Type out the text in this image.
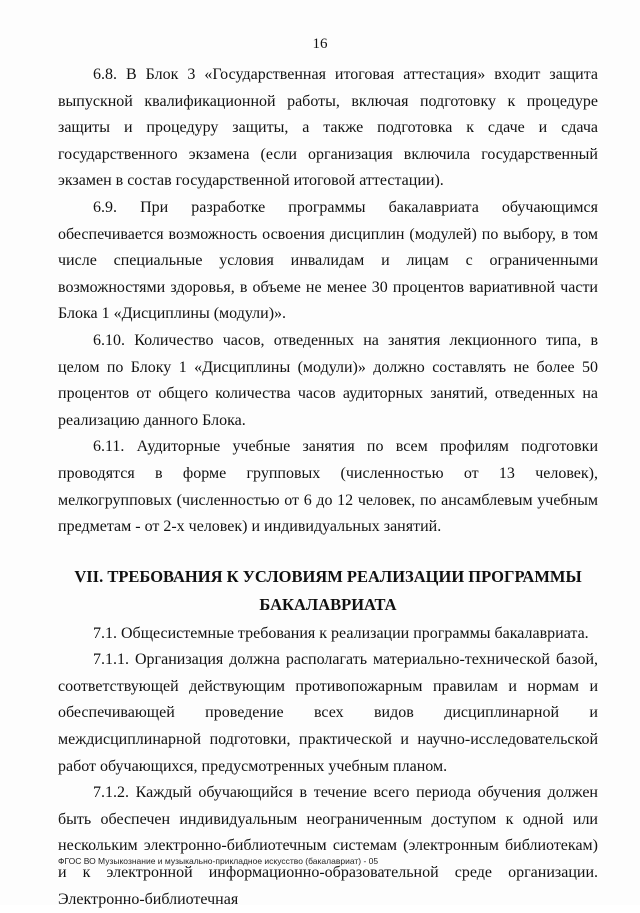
16

6.8. В Блок 3 «Государственная итоговая аттестация» входит защита выпускной квалификационной работы, включая подготовку к процедуре защиты и процедуру защиты, а также подготовка к сдаче и сдача государственного экзамена (если организация включила государственный экзамен в состав государственной итоговой аттестации).

6.9. При разработке программы бакалавриата обучающимся обеспечивается возможность освоения дисциплин (модулей) по выбору, в том числе специальные условия инвалидам и лицам с ограниченными возможностями здоровья, в объеме не менее 30 процентов вариативной части Блока 1 «Дисциплины (модули)».

6.10. Количество часов, отведенных на занятия лекционного типа, в целом по Блоку 1 «Дисциплины (модули)» должно составлять не более 50 процентов от общего количества часов аудиторных занятий, отведенных на реализацию данного Блока.

6.11. Аудиторные учебные занятия по всем профилям подготовки проводятся в форме групповых (численностью от 13 человек), мелкогрупповых (численностью от 6 до 12 человек, по ансамблевым учебным предметам - от 2-х человек) и индивидуальных занятий.

VII. ТРЕБОВАНИЯ К УСЛОВИЯМ РЕАЛИЗАЦИИ ПРОГРАММЫ
БАКАЛАВРИАТА

7.1. Общесистемные требования к реализации программы бакалавриата.

7.1.1. Организация должна располагать материально-технической базой, соответствующей действующим противопожарным правилам и нормам и обеспечивающей проведение всех видов дисциплинарной и междисциплинарной подготовки, практической и научно-исследовательской работ обучающихся, предусмотренных учебным планом.

7.1.2. Каждый обучающийся в течение всего периода обучения должен быть обеспечен индивидуальным неограниченным доступом к одной или нескольким электронно-библиотечным системам (электронным библиотекам) и к электронной информационно-образовательной среде организации. Электронно-библиотечная

ФГОС ВО Музыкознание и музыкально-прикладное искусство (бакалавриат) - 05
